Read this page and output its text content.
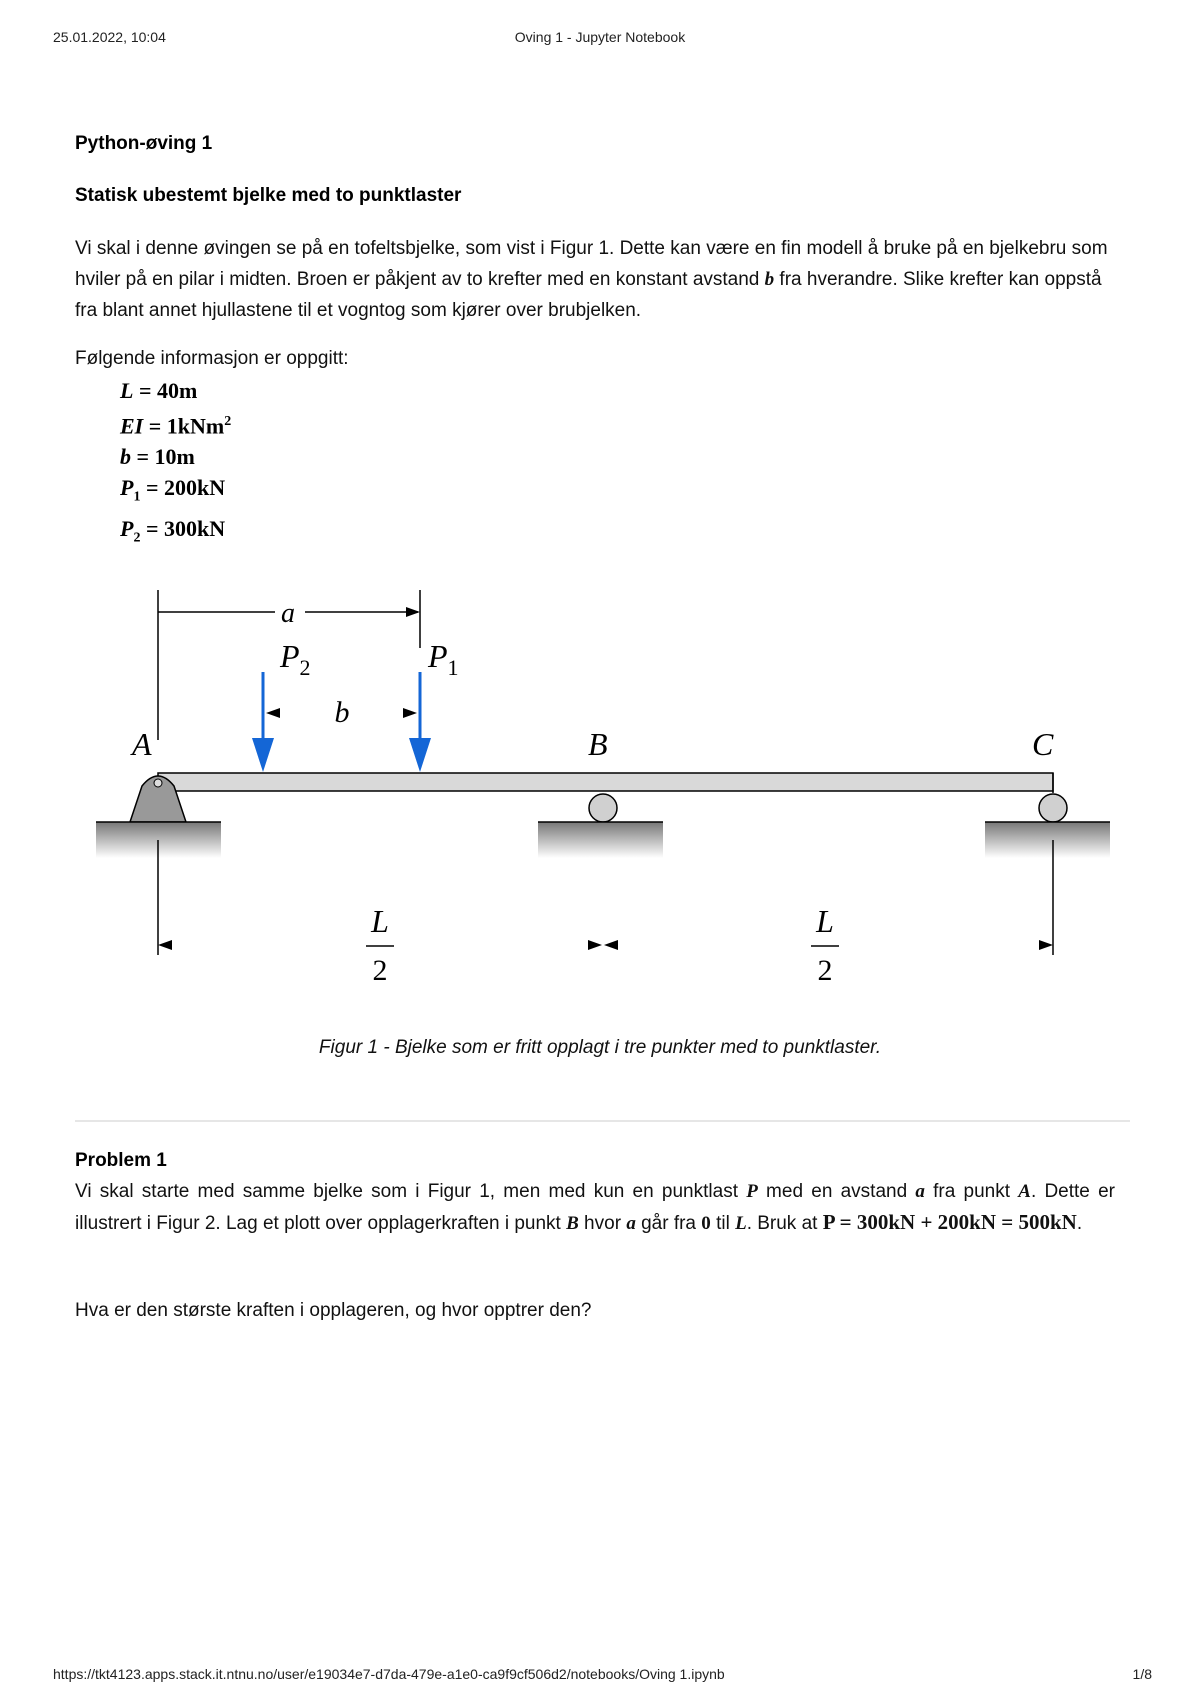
25.01.2022, 10:04	Oving 1 - Jupyter Notebook
Python-øving 1
Statisk ubestemt bjelke med to punktlaster
Vi skal i denne øvingen se på en tofeltsbjelke, som vist i Figur 1. Dette kan være en fin modell å bruke på en bjelkebru som hviler på en pilar i midten. Broen er påkjent av to krefter med en konstant avstand b fra hverandre. Slike krefter kan oppstå fra blant annet hjullastene til et vogntog som kjører over brubjelken.
Følgende informasjon er oppgitt:
L = 40m
EI = 1kNm$^2$
b = 10m
$P_1 = 200kN$
$P_2 = 300kN$
a
$P_2$	$P_1$
b
A	B	C
L
2
L
2
Figur 1 - Bjelke som er fritt opplagt i tre punkter med to punktlaster.
Problem 1
Vi skal starte med samme bjelke som i Figur 1, men med kun en punktlast P med en avstand a fra punkt A. Dette er illustrert i Figur 2. Lag et plott over opplagerkraften i punkt B hvor a går fra 0 til L. Bruk at P = 300kN + 200kN = 500kN.
Hva er den største kraften i opplageren, og hvor opptrer den?
https://tkt4123.apps.stack.it.ntnu.no/user/e19034e7-d7da-479e-a1e0-ca9f9cf506d2/notebooks/Oving 1.ipynb	1/8
